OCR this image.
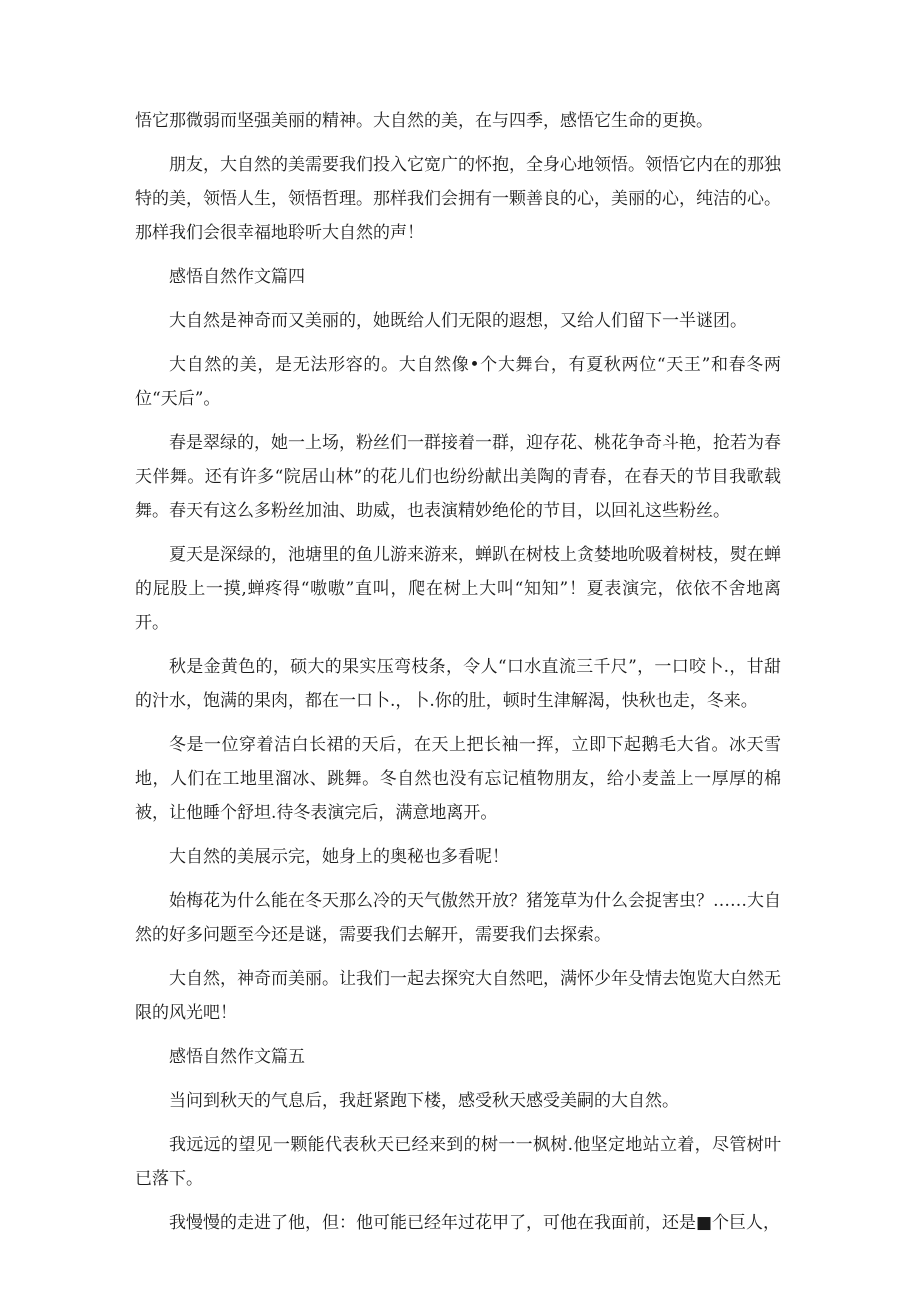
悟它那微弱而坚强美丽的精神。大自然的美，在与四季，感悟它生命的更换。

朋友，大自然的美需要我们投入它宽广的怀抱，全身心地领悟。领悟它内在的那独特的美，领悟人生，领悟哲理。那样我们会拥有一颗善良的心，美丽的心，纯洁的心。那样我们会很幸福地聆听大自然的声！

感悟自然作文篇四

大自然是神奇而又美丽的，她既给人们无限的遐想，又给人们留下一半谜团。

大自然的美，是无法形容的。大自然像•个大舞台，有夏秋两位“天王”和春冬两位“天后”。

春是翠绿的，她一上场，粉丝们一群接着一群，迎存花、桃花争奇斗艳，抢若为春天伴舞。还有许多“院居山林”的花儿们也纷纷献出美陶的青春，在春天的节目我歌载舞。春天有这么多粉丝加油、助威，也表演精妙绝伦的节目，以回礼这些粉丝。

夏天是深绿的，池塘里的鱼儿游来游来，蝉趴在树枝上贪婪地吮吸着树枝，熨在蝉的屁股上一摸,蝉疼得“嗷嗷”直叫，爬在树上大叫“知知”！夏表演完，依依不舍地离开。

秋是金黄色的，硕大的果实压弯枝条，令人“口水直流三千尺”，一口咬卜.，甘甜的汁水，饱满的果肉，都在一口卜.，卜.你的肚，顿时生津解渴，快秋也走，冬来。

冬是一位穿着洁白长裙的天后，在天上把长袖一挥，立即下起鹅毛大省。冰天雪地，人们在工地里溜冰、跳舞。冬自然也没有忘记植物朋友，给小麦盖上一厚厚的棉被，让他睡个舒坦.待冬表演完后，满意地离开。

大自然的美展示完，她身上的奥秘也多看呢！

始梅花为什么能在冬天那么冷的天气傲然开放？猪笼草为什么会捉害虫？……大自然的好多问题至今还是谜，需要我们去解开，需要我们去探索。

大自然，神奇而美丽。让我们一起去探究大自然吧，满怀少年殳情去饱览大白然无限的风光吧！

感悟自然作文篇五

当问到秋天的气息后，我赶紧跑下楼，感受秋天感受美嗣的大自然。

我远远的望见一颗能代表秋天已经来到的树一一枫树.他坚定地站立着，尽管树叶已落下。

我慢慢的走进了他，但：他可能已经年过花甲了，可他在我面前，还是■个巨人，
